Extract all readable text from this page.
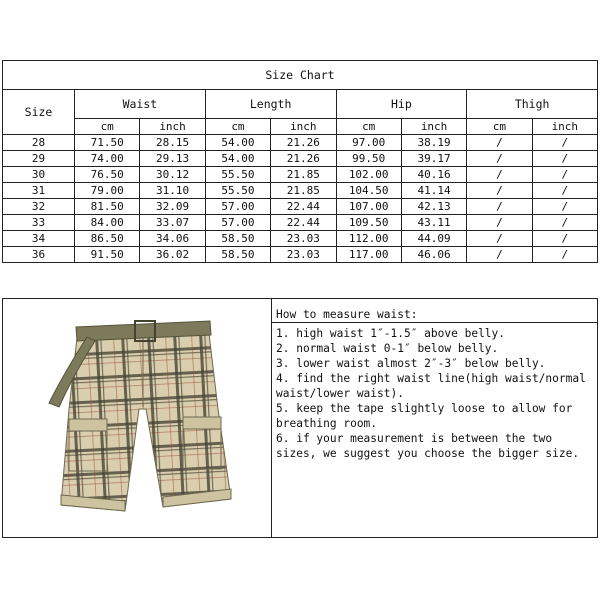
Size Chart								
Size	Waist		Length		Hip		Thigh	
	cm	inch	cm	inch	cm	inch	cm	inch
28	71.50	28.15	54.00	21.26	97.00	38.19	/	/
29	74.00	29.13	54.00	21.26	99.50	39.17	/	/
30	76.50	30.12	55.50	21.85	102.00	40.16	/	/
31	79.00	31.10	55.50	21.85	104.50	41.14	/	/
32	81.50	32.09	57.00	22.44	107.00	42.13	/	/
33	84.00	33.07	57.00	22.44	109.50	43.11	/	/
34	86.50	34.06	58.50	23.03	112.00	44.09	/	/
36	91.50	36.02	58.50	23.03	117.00	46.06	/	/
How to measure waist:

1. high waist 1″-1.5″ above belly.

2. normal waist 0-1″ below belly.

3. lower waist almost 2″-3″ below belly.

4. find the right waist line(high waist/normal waist/lower waist).

5. keep the tape slightly loose to allow for breathing room.

6. if your measurement is between the two sizes, we suggest you choose the bigger size.
